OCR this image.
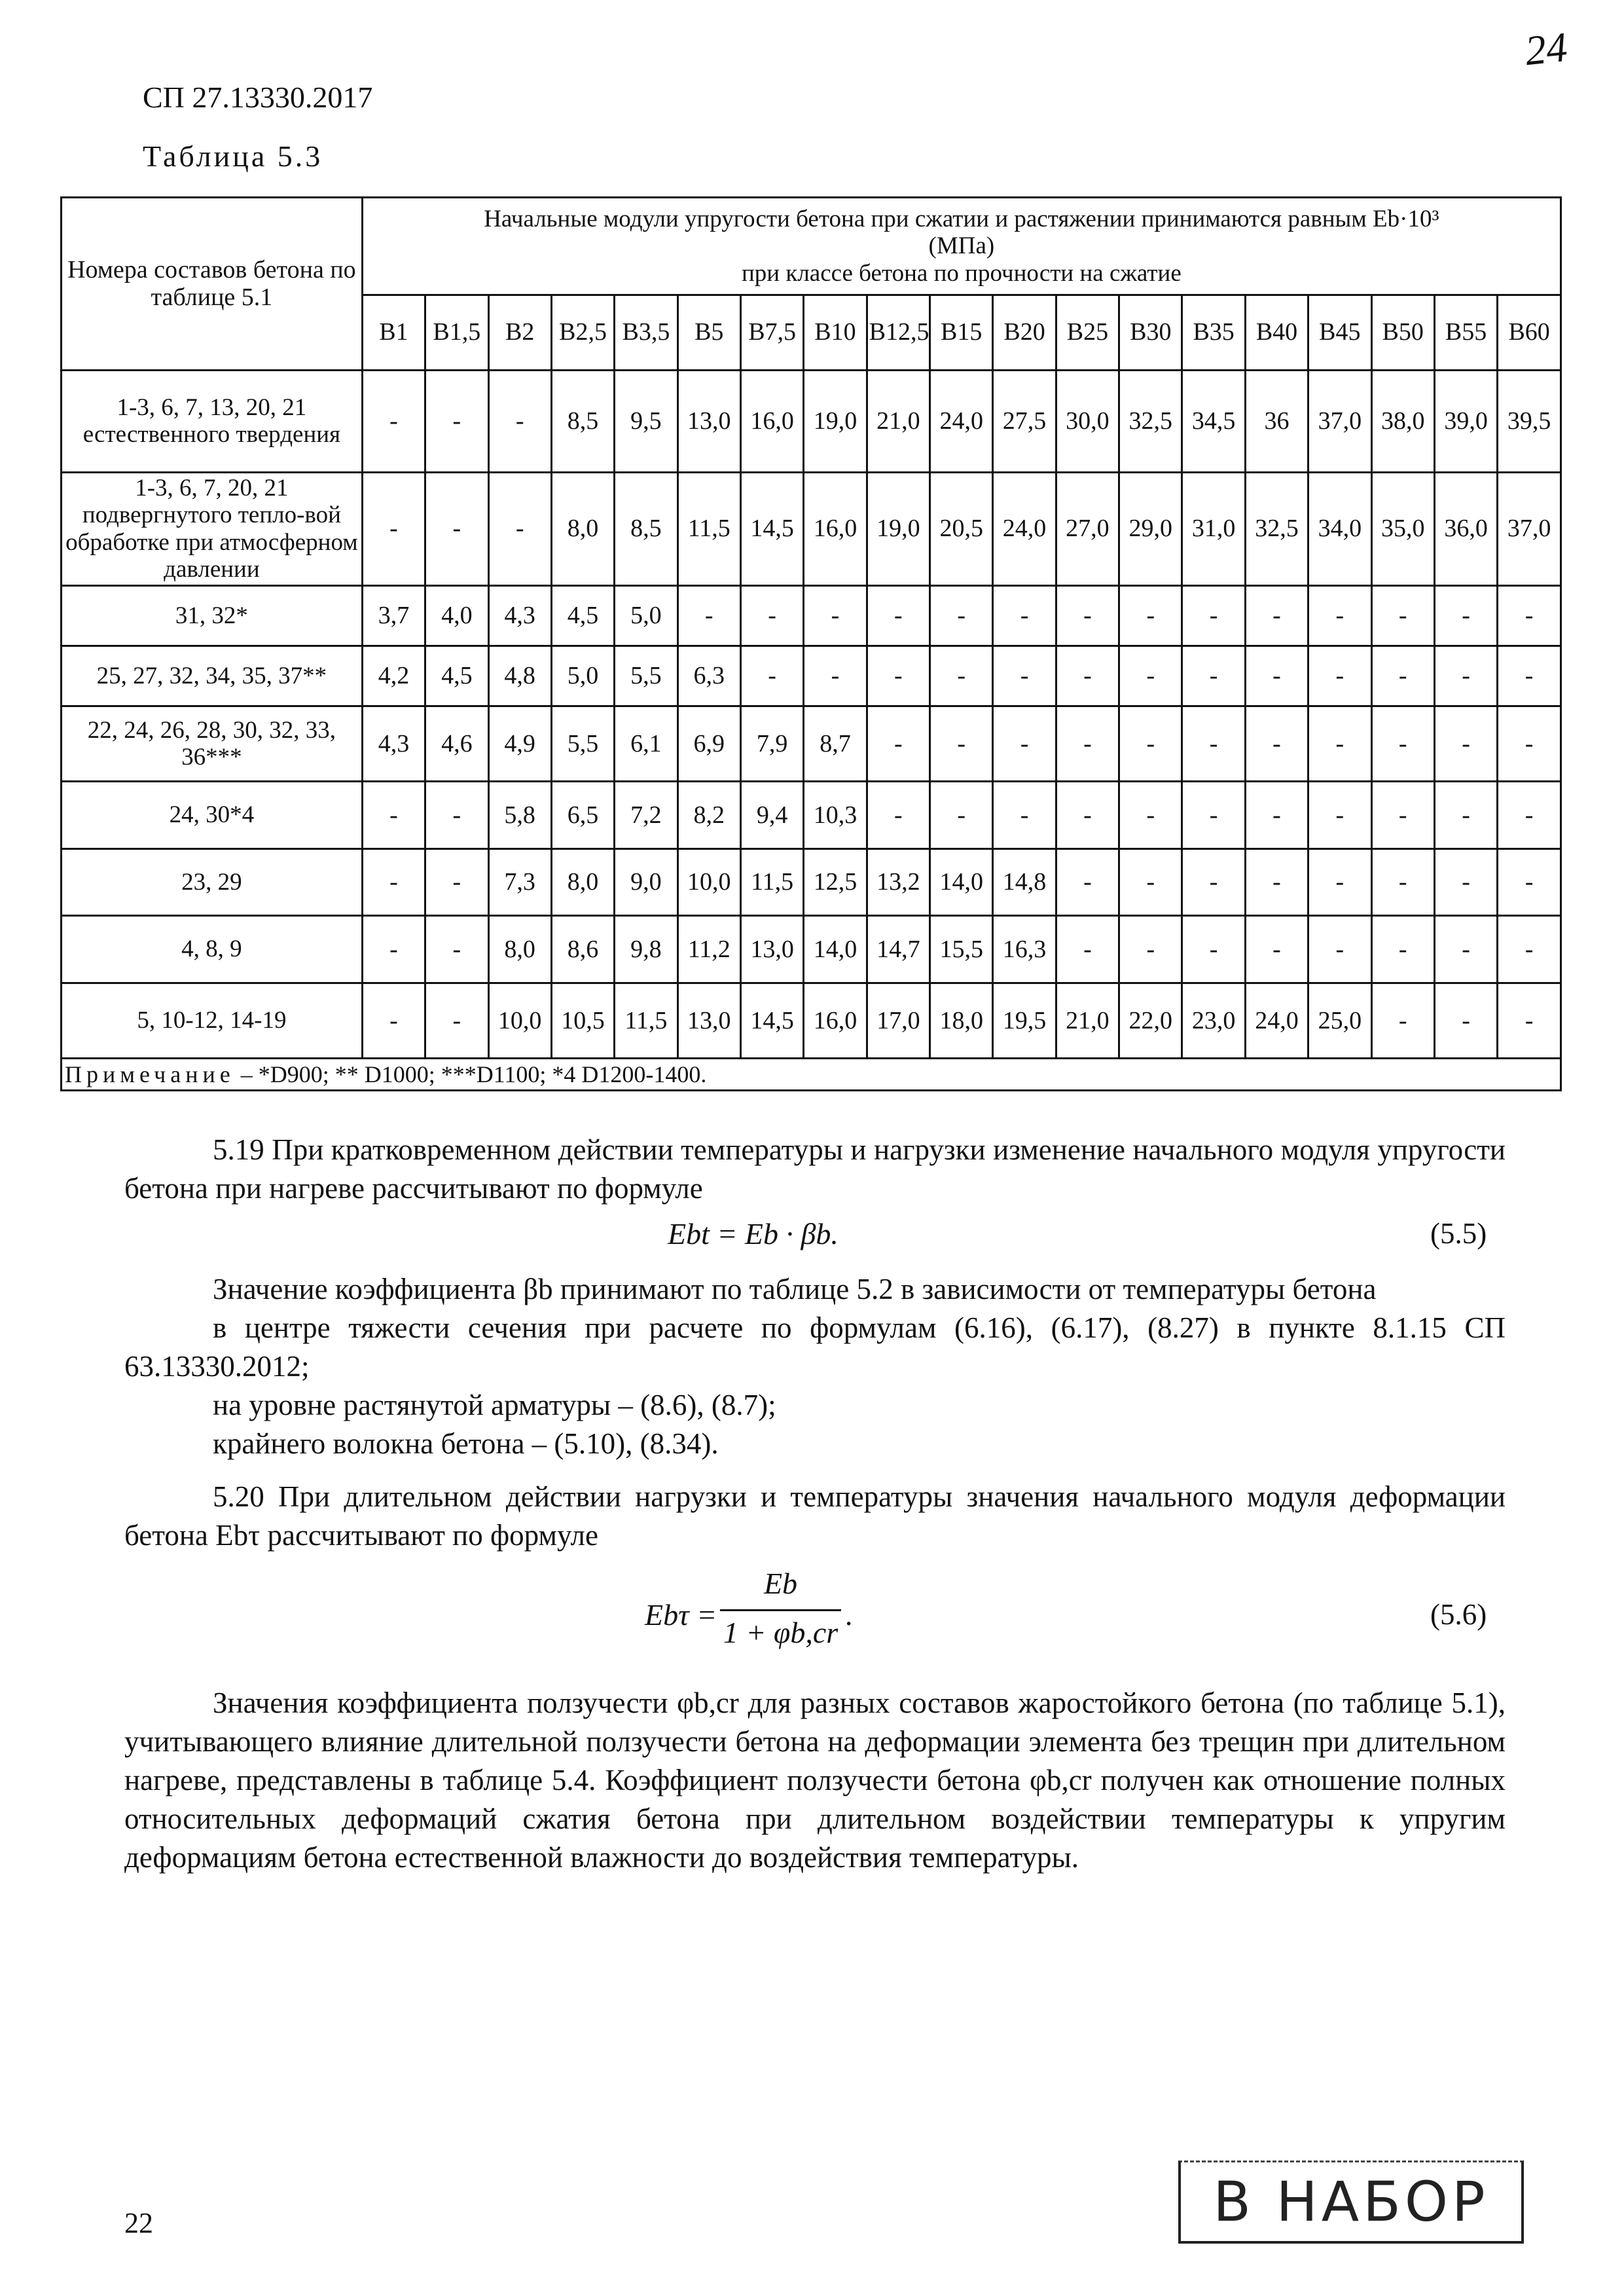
СП 27.13330.2017
24
Таблица 5.3
Номера составов бетона по таблице 5.1	Начальные модули упругости бетона при сжатии и растяжении принимаются равным Eb·10³
(МПа)
при классе бетона по прочности на сжатие																		

	B1	B1,5	B2	B2,5	B3,5	B5	B7,5	B10	B12,5	B15	B20	B25	B30	B35	B40	B45	B50	B55	B60
1-3, 6, 7, 13, 20, 21 естественного твердения	-	-	-	8,5	9,5	13,0	16,0	19,0	21,0	24,0	27,5	30,0	32,5	34,5	36	37,0	38,0	39,0	39,5
1-3, 6, 7, 20, 21 подвергнутого тепло-вой обработке при атмосферном давлении	-	-	-	8,0	8,5	11,5	14,5	16,0	19,0	20,5	24,0	27,0	29,0	31,0	32,5	34,0	35,0	36,0	37,0
31, 32*	3,7	4,0	4,3	4,5	5,0	-	-	-	-	-	-	-	-	-	-	-	-	-	-
25, 27, 32, 34, 35, 37**	4,2	4,5	4,8	5,0	5,5	6,3	-	-	-	-	-	-	-	-	-	-	-	-	-
22, 24, 26, 28, 30, 32, 33, 36***	4,3	4,6	4,9	5,5	6,1	6,9	7,9	8,7	-	-	-	-	-	-	-	-	-	-	-
24, 30*4	-	-	5,8	6,5	7,2	8,2	9,4	10,3	-	-	-	-	-	-	-	-	-	-	-
23, 29	-	-	7,3	8,0	9,0	10,0	11,5	12,5	13,2	14,0	14,8	-	-	-	-	-	-	-	-
4, 8, 9	-	-	8,0	8,6	9,8	11,2	13,0	14,0	14,7	15,5	16,3	-	-	-	-	-	-	-	-
5, 10-12, 14-19	-	-	10,0	10,5	11,5	13,0	14,5	16,0	17,0	18,0	19,5	21,0	22,0	23,0	24,0	25,0	-	-	-
Примечание – *D900; ** D1000; ***D1100; *4 D1200-1400.																			
5.19 При кратковременном действии температуры и нагрузки изменение начального модуля упругости бетона при нагреве рассчитывают по формуле
Ebt = Eb · βb.	(5.5)
Значение коэффициента βb принимают по таблице 5.2 в зависимости от температуры бетона
в центре тяжести сечения при расчете по формулам (6.16), (6.17), (8.27) в пункте 8.1.15 СП 63.13330.2012;
на уровне растянутой арматуры – (8.6), (8.7);
крайнего волокна бетона – (5.10), (8.34).
5.20 При длительном действии нагрузки и температуры значения начального модуля деформации бетона Ebτ рассчитывают по формуле
Ebτ =
Eb
1 + φb,cr
.	(5.6)
Значения коэффициента ползучести φb,cr для разных составов жаростойкого бетона (по таблице 5.1), учитывающего влияние длительной ползучести бетона на деформации элемента без трещин при длительном нагреве, представлены в таблице 5.4. Коэффициент ползучести бетона φb,cr получен как отношение полных относительных деформаций сжатия бетона при длительном воздействии температуры к упругим деформациям бетона естественной влажности до воздействия температуры.
22	В НАБОР
